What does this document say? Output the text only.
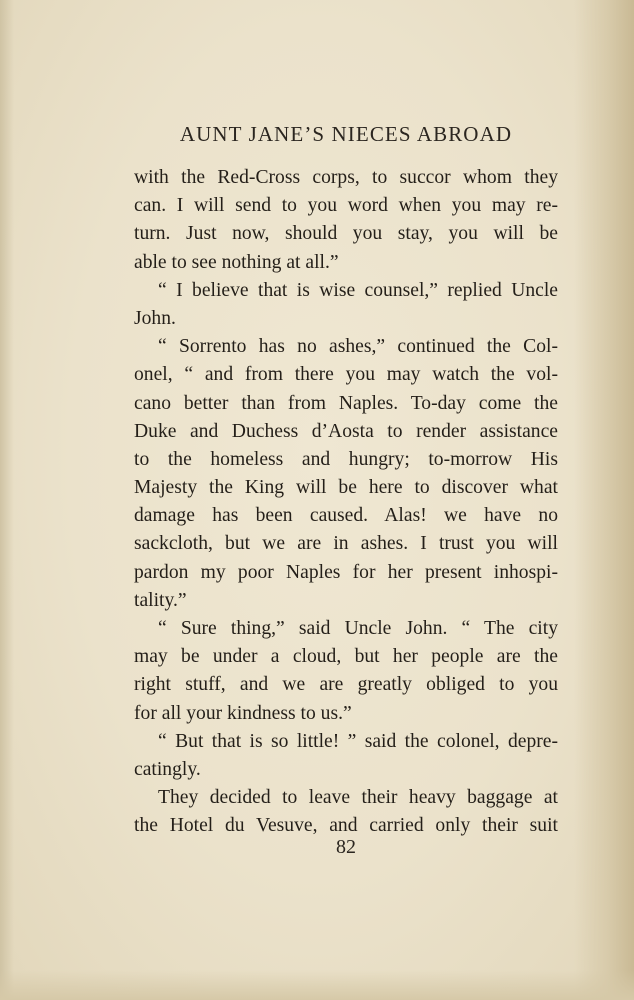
AUNT JANE’S NIECES ABROAD
with the Red-Cross corps, to succor whom they
can. I will send to you word when you may re-
turn. Just now, should you stay, you will be
able to see nothing at all.”
“ I believe that is wise counsel,” replied Uncle
John.
“ Sorrento has no ashes,” continued the Col-
onel, “ and from there you may watch the vol-
cano better than from Naples. To-day come the
Duke and Duchess d’Aosta to render assistance
to the homeless and hungry; to-morrow His
Majesty the King will be here to discover what
damage has been caused. Alas! we have no
sackcloth, but we are in ashes. I trust you will
pardon my poor Naples for her present inhospi-
tality.”
“ Sure thing,” said Uncle John. “ The city
may be under a cloud, but her people are the
right stuff, and we are greatly obliged to you
for all your kindness to us.”
“ But that is so little! ” said the colonel, depre-
catingly.
They decided to leave their heavy baggage at
the Hotel du Vesuve, and carried only their suit
82
